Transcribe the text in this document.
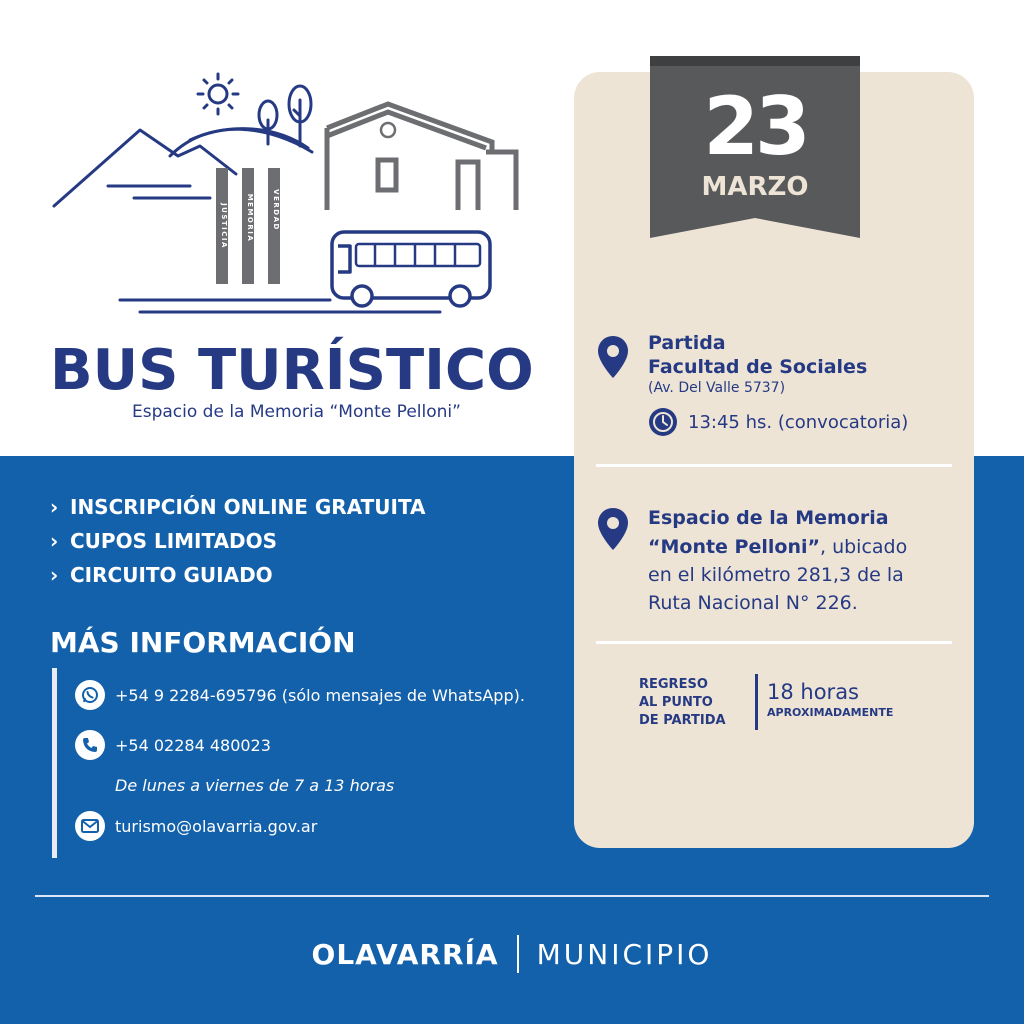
JUSTICIA	MEMORIA	VERDAD
BUS TURÍSTICO
Espacio de la Memoria “Monte Pelloni”
› INSCRIPCIÓN ONLINE GRATUITA
› CUPOS LIMITADOS
› CIRCUITO GUIADO
MÁS INFORMACIÓN
+54 9 2284-695796 (sólo mensajes de WhatsApp).
+54 02284 480023
De lunes a viernes de 7 a 13 horas
turismo@olavarria.gov.ar
23
MARZO
Partida
Facultad de Sociales
(Av. Del Valle 5737)
13:45 hs. (convocatoria)
Espacio de la Memoria
“Monte Pelloni”, ubicado
en el kilómetro 281,3 de la
Ruta Nacional N° 226.
REGRESO
AL PUNTO
DE PARTIDA
18 horas
APROXIMADAMENTE
OLAVARRÍA MUNICIPIO
